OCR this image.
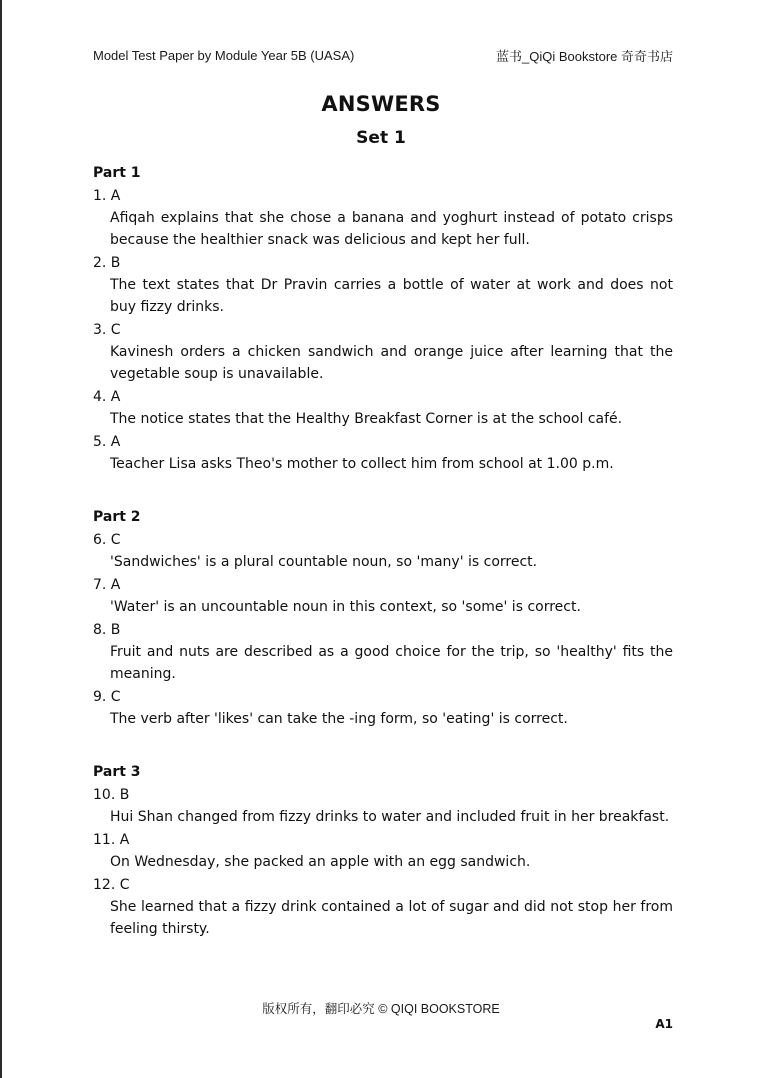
Model Test Paper by Module Year 5B (UASA)	蓝书_QiQi Bookstore 奇奇书店
ANSWERS
Set 1
Part 1
1. A
Afiqah explains that she chose a banana and yoghurt instead of potato crisps because the healthier snack was delicious and kept her full.
2. B
The text states that Dr Pravin carries a bottle of water at work and does not buy fizzy drinks.
3. C
Kavinesh orders a chicken sandwich and orange juice after learning that the vegetable soup is unavailable.
4. A
The notice states that the Healthy Breakfast Corner is at the school café.
5. A
Teacher Lisa asks Theo's mother to collect him from school at 1.00 p.m.
Part 2
6. C
'Sandwiches' is a plural countable noun, so 'many' is correct.
7. A
'Water' is an uncountable noun in this context, so 'some' is correct.
8. B
Fruit and nuts are described as a good choice for the trip, so 'healthy' fits the meaning.
9. C
The verb after 'likes' can take the -ing form, so 'eating' is correct.
Part 3
10. B
Hui Shan changed from fizzy drinks to water and included fruit in her breakfast.
11. A
On Wednesday, she packed an apple with an egg sandwich.
12. C
She learned that a fizzy drink contained a lot of sugar and did not stop her from feeling thirsty.
版权所有，翻印必究 © QIQI BOOKSTORE
A1
